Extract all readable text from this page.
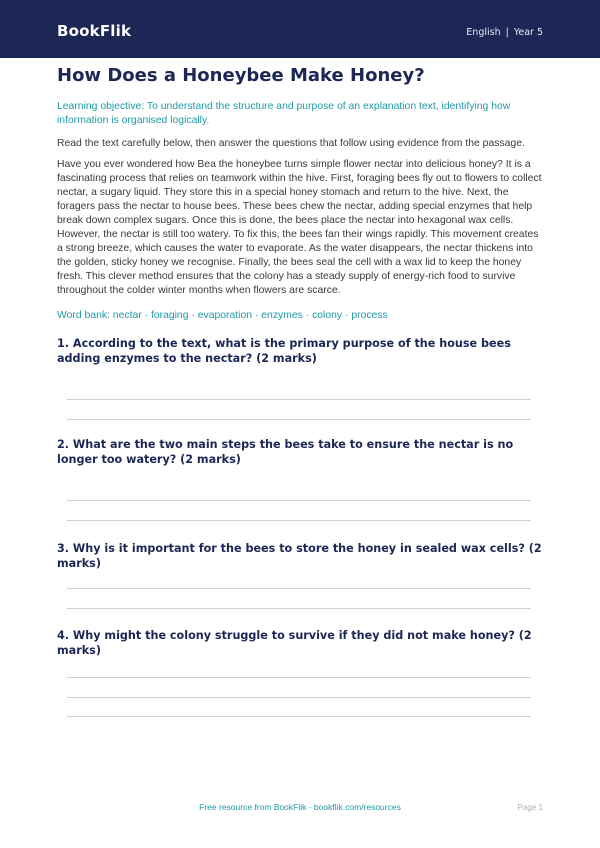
BookFlik	English | Year 5
How Does a Honeybee Make Honey?
Learning objective: To understand the structure and purpose of an explanation text, identifying how information is organised logically.
Read the text carefully below, then answer the questions that follow using evidence from the passage.
Have you ever wondered how Bea the honeybee turns simple flower nectar into delicious honey? It is a fascinating process that relies on teamwork within the hive. First, foraging bees fly out to flowers to collect nectar, a sugary liquid. They store this in a special honey stomach and return to the hive. Next, the foragers pass the nectar to house bees. These bees chew the nectar, adding special enzymes that help break down complex sugars. Once this is done, the bees place the nectar into hexagonal wax cells. However, the nectar is still too watery. To fix this, the bees fan their wings rapidly. This movement creates a strong breeze, which causes the water to evaporate. As the water disappears, the nectar thickens into the golden, sticky honey we recognise. Finally, the bees seal the cell with a wax lid to keep the honey fresh. This clever method ensures that the colony has a steady supply of energy-rich food to survive throughout the colder winter months when flowers are scarce.
Word bank: nectar · foraging · evaporation · enzymes · colony · process
1. According to the text, what is the primary purpose of the house bees adding enzymes to the nectar? (2 marks)
2. What are the two main steps the bees take to ensure the nectar is no longer too watery? (2 marks)
3. Why is it important for the bees to store the honey in sealed wax cells? (2 marks)
4. Why might the colony struggle to survive if they did not make honey? (2 marks)
Free resource from BookFlik · bookflik.com/resources	Page 1
